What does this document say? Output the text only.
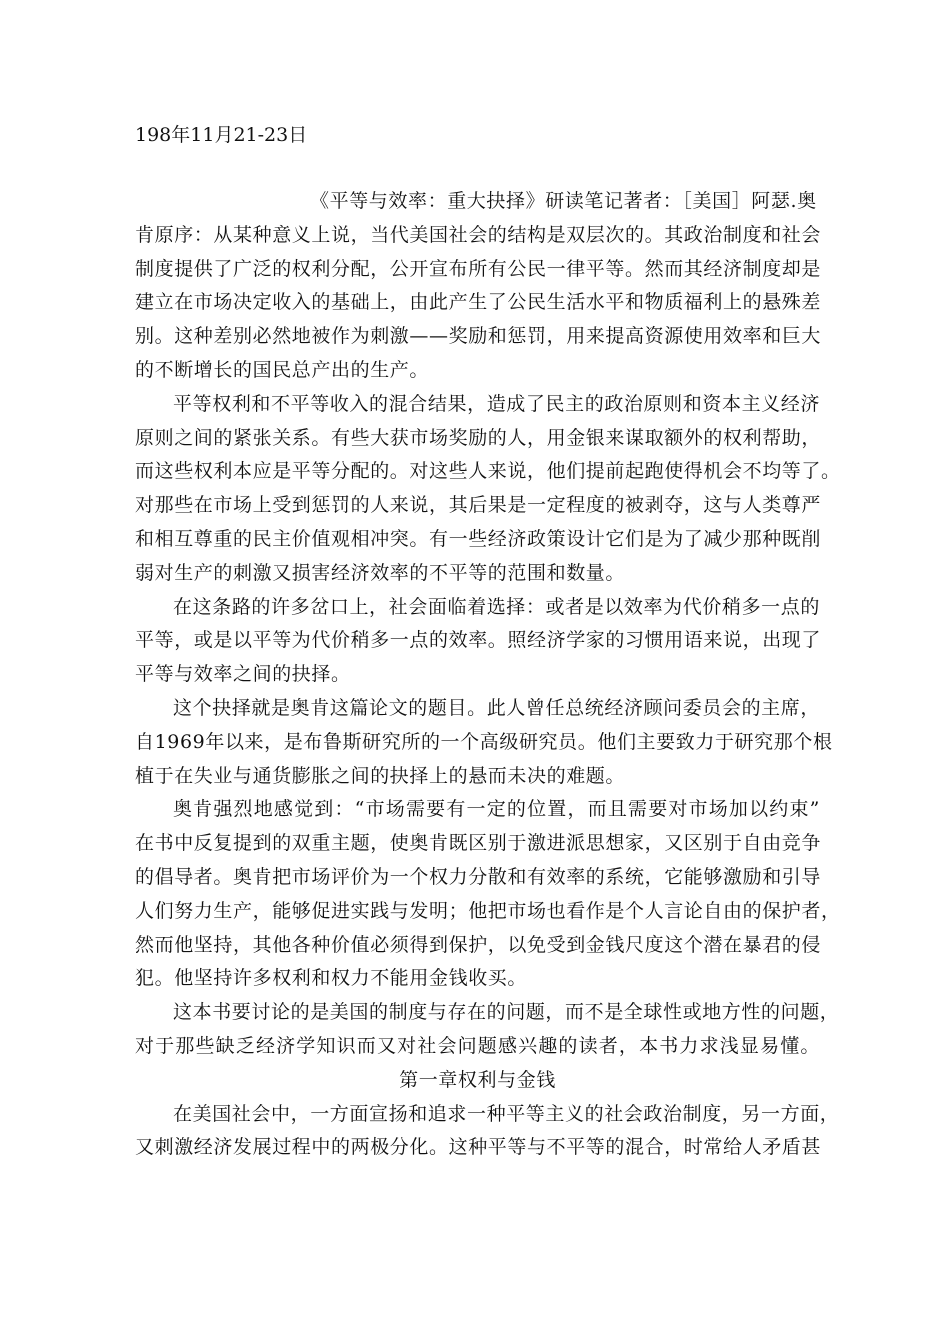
198年11月21-23日
《平等与效率：重大抉择》研读笔记著者：［美国］阿瑟.奥
肯原序：从某种意义上说，当代美国社会的结构是双层次的。其政治制度和社会
制度提供了广泛的权利分配，公开宣布所有公民一律平等。然而其经济制度却是
建立在市场决定收入的基础上，由此产生了公民生活水平和物质福利上的悬殊差
别。这种差别必然地被作为刺激——奖励和惩罚，用来提高资源使用效率和巨大
的不断增长的国民总产出的生产。
平等权利和不平等收入的混合结果，造成了民主的政治原则和资本主义经济
原则之间的紧张关系。有些大获市场奖励的人，用金银来谋取额外的权利帮助，
而这些权利本应是平等分配的。对这些人来说，他们提前起跑使得机会不均等了。
对那些在市场上受到惩罚的人来说，其后果是一定程度的被剥夺，这与人类尊严
和相互尊重的民主价值观相冲突。有一些经济政策设计它们是为了减少那种既削
弱对生产的刺激又损害经济效率的不平等的范围和数量。
在这条路的许多岔口上，社会面临着选择：或者是以效率为代价稍多一点的
平等，或是以平等为代价稍多一点的效率。照经济学家的习惯用语来说，出现了
平等与效率之间的抉择。
这个抉择就是奥肯这篇论文的题目。此人曾任总统经济顾问委员会的主席，
自1969年以来，是布鲁斯研究所的一个高级研究员。他们主要致力于研究那个根
植于在失业与通货膨胀之间的抉择上的悬而未决的难题。
奥肯强烈地感觉到：“市场需要有一定的位置，而且需要对市场加以约束”
在书中反复提到的双重主题，使奥肯既区别于激进派思想家，又区别于自由竞争
的倡导者。奥肯把市场评价为一个权力分散和有效率的系统，它能够激励和引导
人们努力生产，能够促进实践与发明；他把市场也看作是个人言论自由的保护者，
然而他坚持，其他各种价值必须得到保护，以免受到金钱尺度这个潜在暴君的侵
犯。他坚持许多权利和权力不能用金钱收买。
这本书要讨论的是美国的制度与存在的问题，而不是全球性或地方性的问题，
对于那些缺乏经济学知识而又对社会问题感兴趣的读者，本书力求浅显易懂。
第一章权利与金钱
在美国社会中，一方面宣扬和追求一种平等主义的社会政治制度，另一方面，
又刺激经济发展过程中的两极分化。这种平等与不平等的混合，时常给人矛盾甚
